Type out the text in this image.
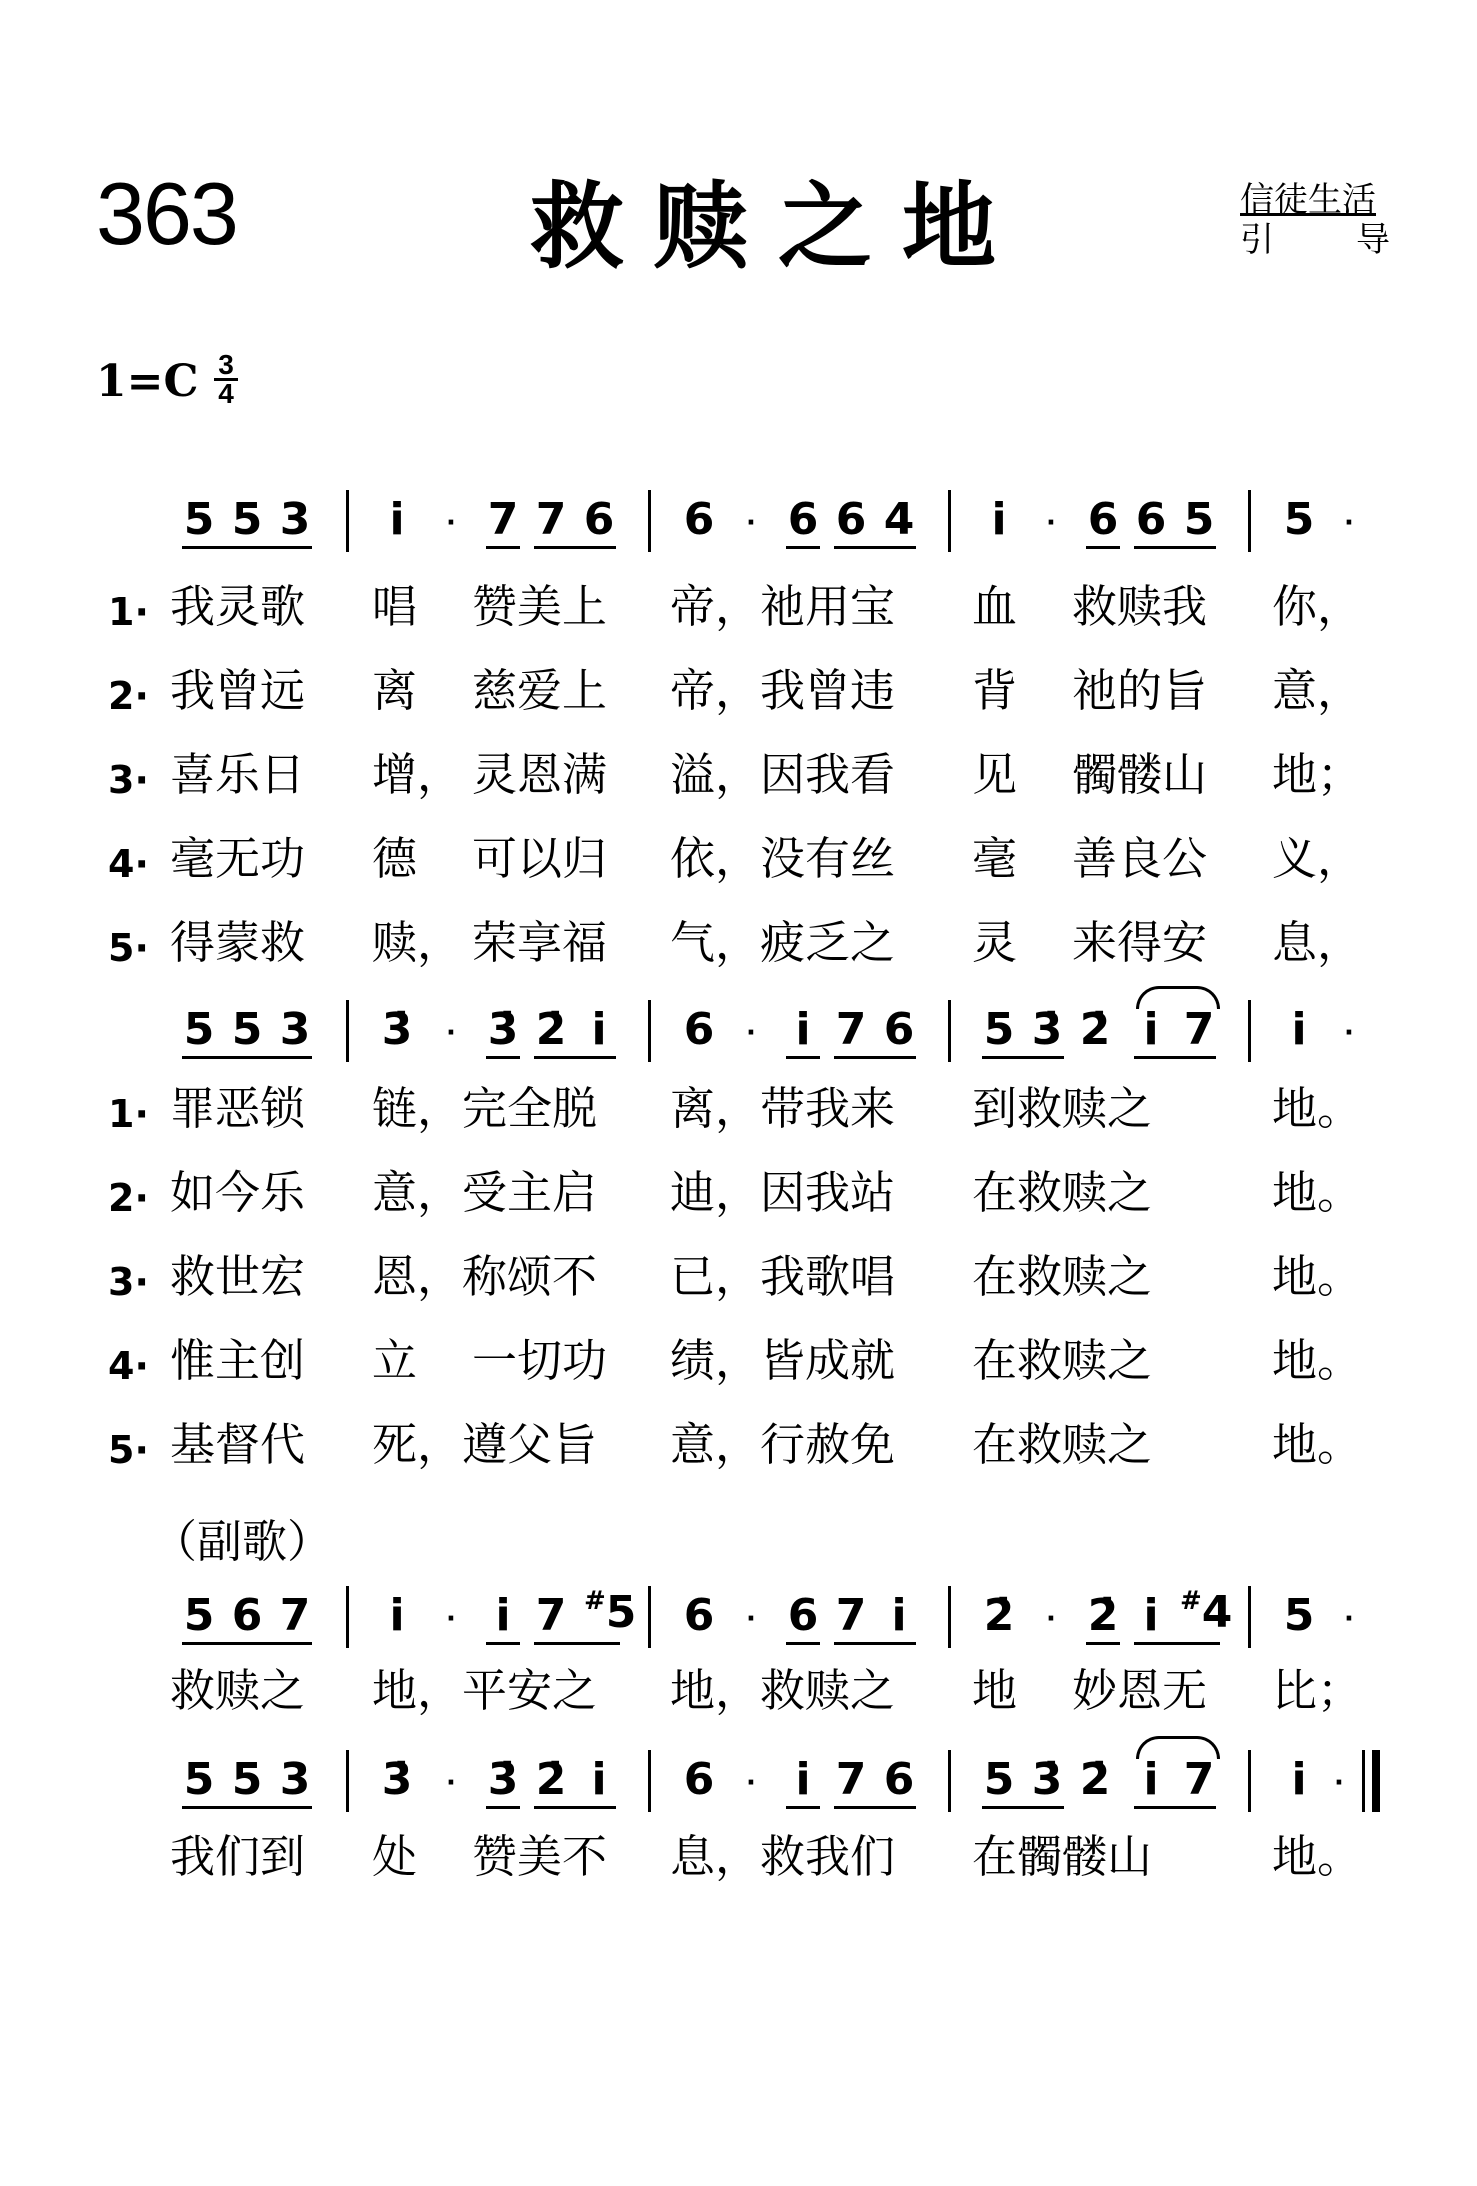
363	救赎之地	信徒生活
引 导
$1=C \frac{3}{4}$
5 5 3 i	· 7 7 6 6 · 6 6 4 i	· 6 6 5 5 ·
1· 我灵歌 唱 赞美上 帝，祂用宝 血 救赎我 你，
2· 我曾远 离 慈爱上 帝，我曾违 背 祂的旨 意，
3· 喜乐日 增， 灵恩满 溢，因我看 见 髑髅山 地；
4· 毫无功 德 可以归 依，没有丝 毫 善良公 义，
5· 得蒙救 赎， 荣享福 气，疲乏之 灵 来得安 息，
5 5 3 3̇ · 3̇ 2̇ i 6 · i 7 6 5 3̇ 2̇ i 7 i	·
1· 罪恶锁 链，完全脱 离，带我来 到救赎之	地。
2· 如今乐 意，受主启 迪，因我站 在救赎之	地。
3· 救世宏 恩，称颂不 已，我歌唱 在救赎之	地。
4· 惟主创 立 一切功 绩，皆成就 在救赎之	地。
5· 基督代 死，遵父旨 意，行赦免 在救赎之	地。
（副歌）
5 6 7 i	· i 7 #5 6 · 6 7 i 2̇ · 2̇ i #4 5 ·
救赎之 地，平安之 地，救赎之 地 妙恩无 比；
5 5 3 3̇ · 3̇ 2̇ i 6 · i 7 6 5 3̇ 2̇ i 7 i	·
我们到 处 赞美不 息，救我们 在髑髅山	地。
